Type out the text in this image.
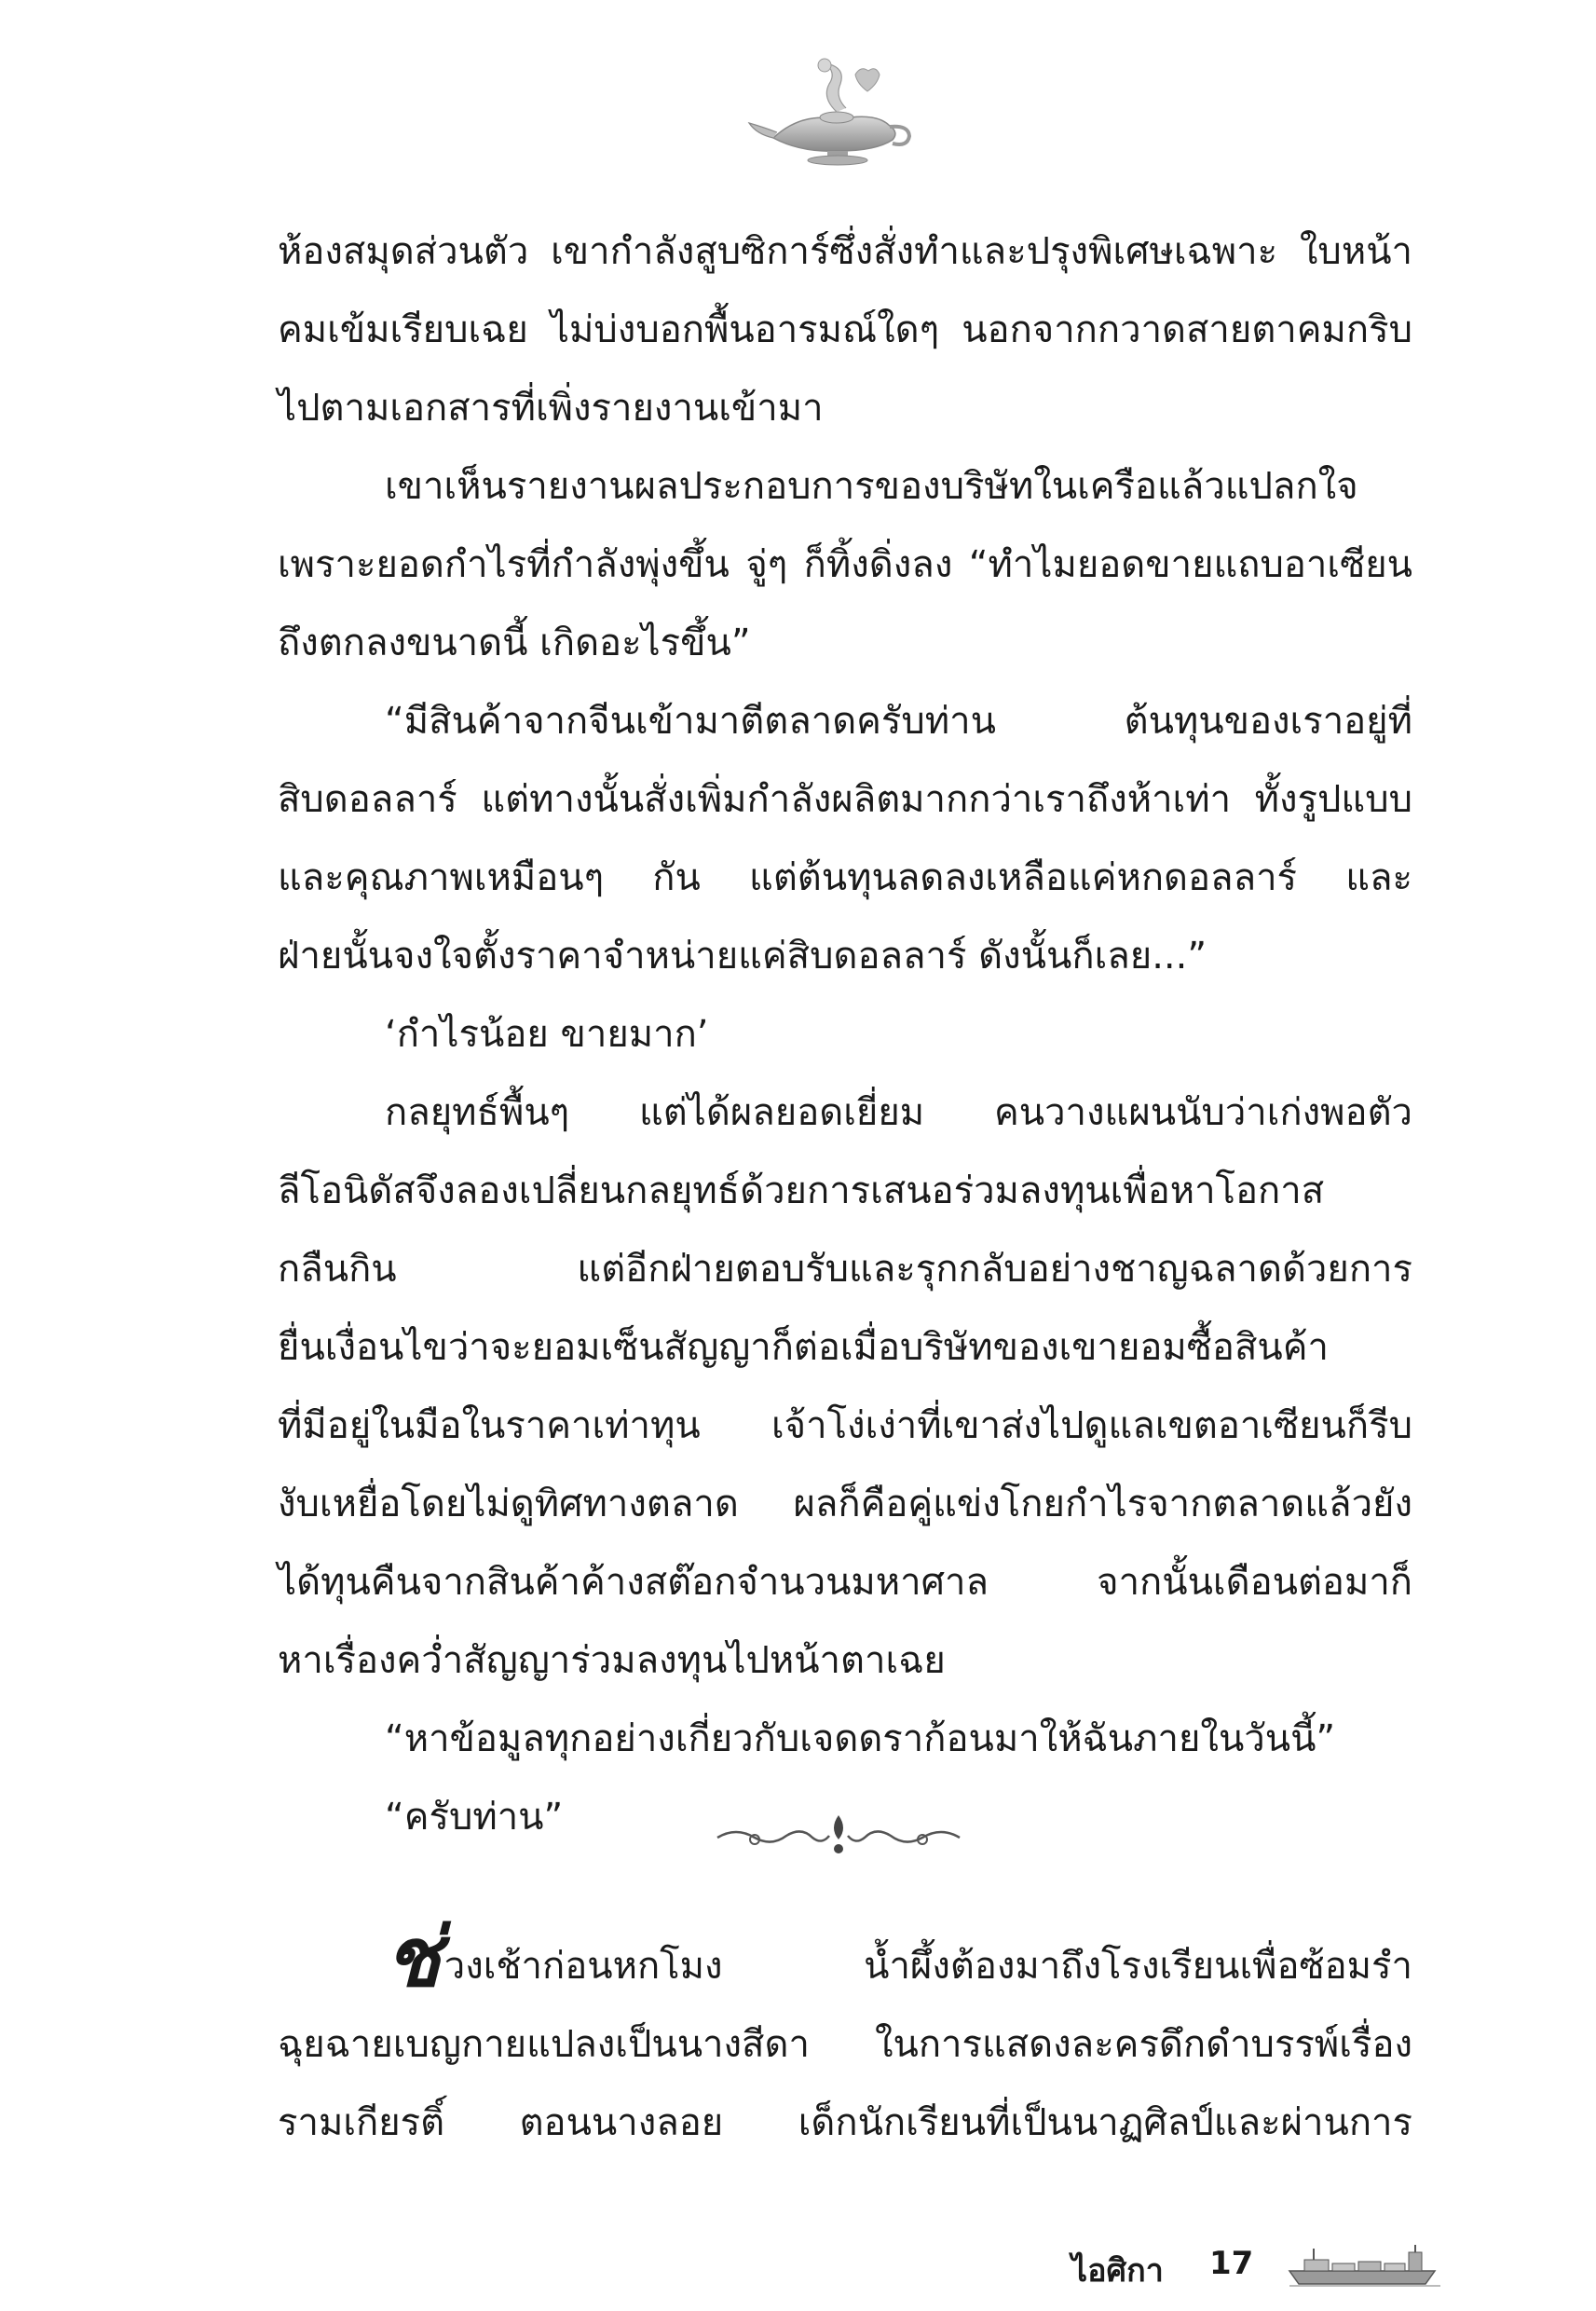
ห้องสมุดส่วนตัว เขากำลังสูบซิการ์ซึ่งสั่งทำและปรุงพิเศษเฉพาะ ใบหน้า
คมเข้มเรียบเฉย ไม่บ่งบอกพื้นอารมณ์ใดๆ นอกจากกวาดสายตาคมกริบ
ไปตามเอกสารที่เพิ่งรายงานเข้ามา
เขาเห็นรายงานผลประกอบการของบริษัทในเครือแล้วแปลกใจ
เพราะยอดกำไรที่กำลังพุ่งขึ้น จู่ๆ ก็ทิ้งดิ่งลง “ทำไมยอดขายแถบอาเซียน
ถึงตกลงขนาดนี้ เกิดอะไรขึ้น”
“มีสินค้าจากจีนเข้ามาตีตลาดครับท่าน ต้นทุนของเราอยู่ที่
สิบดอลลาร์ แต่ทางนั้นสั่งเพิ่มกำลังผลิตมากกว่าเราถึงห้าเท่า ทั้งรูปแบบ
และคุณภาพเหมือนๆ กัน แต่ต้นทุนลดลงเหลือแค่หกดอลลาร์ และ
ฝ่ายนั้นจงใจตั้งราคาจำหน่ายแค่สิบดอลลาร์ ดังนั้นก็เลย...”
‘กำไรน้อย ขายมาก’
กลยุทธ์พื้นๆ แต่ได้ผลยอดเยี่ยม คนวางแผนนับว่าเก่งพอตัว
ลีโอนิดัสจึงลองเปลี่ยนกลยุทธ์ด้วยการเสนอร่วมลงทุนเพื่อหาโอกาส
กลืนกิน แต่อีกฝ่ายตอบรับและรุกกลับอย่างชาญฉลาดด้วยการ
ยื่นเงื่อนไขว่าจะยอมเซ็นสัญญาก็ต่อเมื่อบริษัทของเขายอมซื้อสินค้า
ที่มีอยู่ในมือในราคาเท่าทุน เจ้าโง่เง่าที่เขาส่งไปดูแลเขตอาเซียนก็รีบ
งับเหยื่อโดยไม่ดูทิศทางตลาด ผลก็คือคู่แข่งโกยกำไรจากตลาดแล้วยัง
ได้ทุนคืนจากสินค้าค้างสต๊อกจำนวนมหาศาล จากนั้นเดือนต่อมาก็
หาเรื่องคว่ำสัญญาร่วมลงทุนไปหน้าตาเฉย
“หาข้อมูลทุกอย่างเกี่ยวกับเจดดราก้อนมาให้ฉันภายในวันนี้”
“ครับท่าน”
ช่วงเช้าก่อนหกโมง น้ำผึ้งต้องมาถึงโรงเรียนเพื่อซ้อมรำ
ฉุยฉายเบญกายแปลงเป็นนางสีดา ในการแสดงละครดึกดำบรรพ์เรื่อง
รามเกียรติ์ ตอนนางลอย เด็กนักเรียนที่เป็นนาฏศิลป์และผ่านการ
ไอศิกา 17
